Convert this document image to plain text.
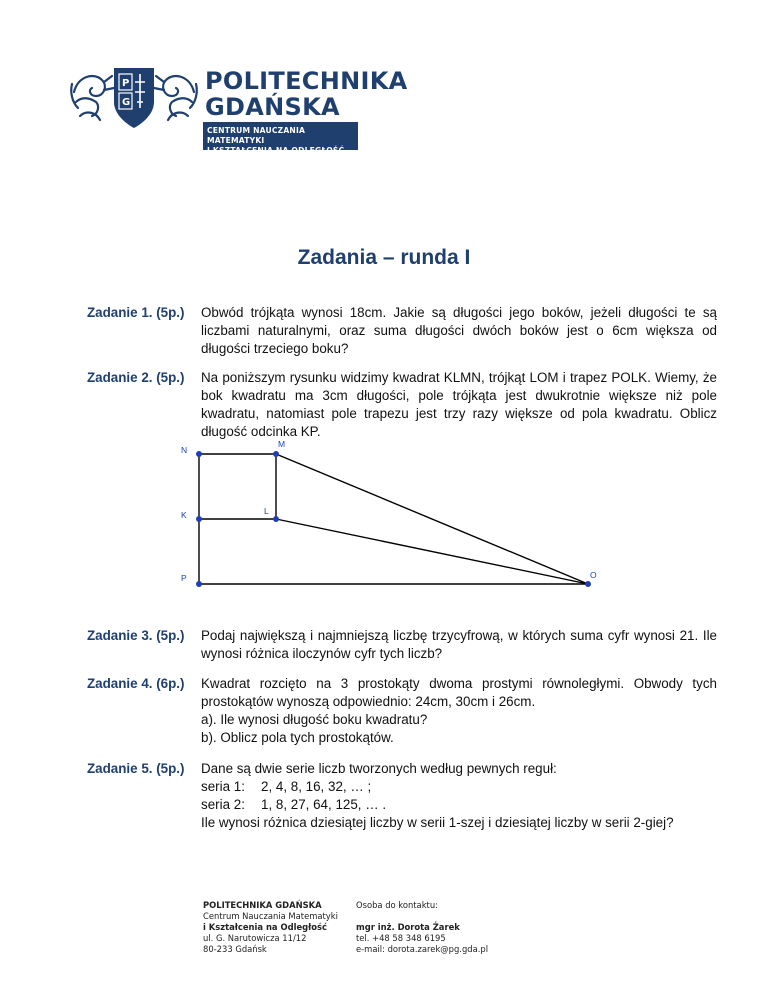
P
G
POLITECHNIKA
GDAŃSKA
CENTRUM NAUCZANIA MATEMATYKI
I KSZTAŁCENIA NA ODLEGŁOŚĆ
Zadania – runda I
Zadanie 1. (5p.) Obwód trójkąta wynosi 18cm. Jakie są długości jego boków, jeżeli długości te są liczbami naturalnymi, oraz suma długości dwóch boków jest o 6cm większa od długości trzeciego boku?

Zadanie 2. (5p.) Na poniższym rysunku widzimy kwadrat KLMN, trójkąt LOM i trapez POLK. Wiemy, że bok kwadratu ma 3cm długości, pole trójkąta jest dwukrotnie większe niż pole kwadratu, natomiast pole trapezu jest trzy razy większe od pola kwadratu. Oblicz długość odcinka KP.

N
M
K	L
P	O
Zadanie 3. (5p.) Podaj największą i najmniejszą liczbę trzycyfrową, w których suma cyfr wynosi 21. Ile wynosi różnica iloczynów cyfr tych liczb?

Zadanie 4. (6p.) Kwadrat rozcięto na 3 prostokąty dwoma prostymi równoległymi. Obwody tych prostokątów wynoszą odpowiednio: 24cm, 30cm i 26cm.

a). Ile wynosi długość boku kwadratu?

b). Oblicz pola tych prostokątów.

Zadanie 5. (5p.) Dane są dwie serie liczb tworzonych według pewnych reguł:

seria 1: 2, 4, 8, 16, 32, … ;

seria 2: 1, 8, 27, 64, 125, … .

Ile wynosi różnica dziesiątej liczby w serii 1-szej i dziesiątej liczby w serii 2-giej?

POLITECHNIKA GDAŃSKA
Centrum Nauczania Matematyki
i Kształcenia na Odległość
ul. G. Narutowicza 11/12
80-233 Gdańsk
Osoba do kontaktu:
mgr inż. Dorota Żarek
tel. +48 58 348 6195
e-mail: dorota.zarek@pg.gda.pl
